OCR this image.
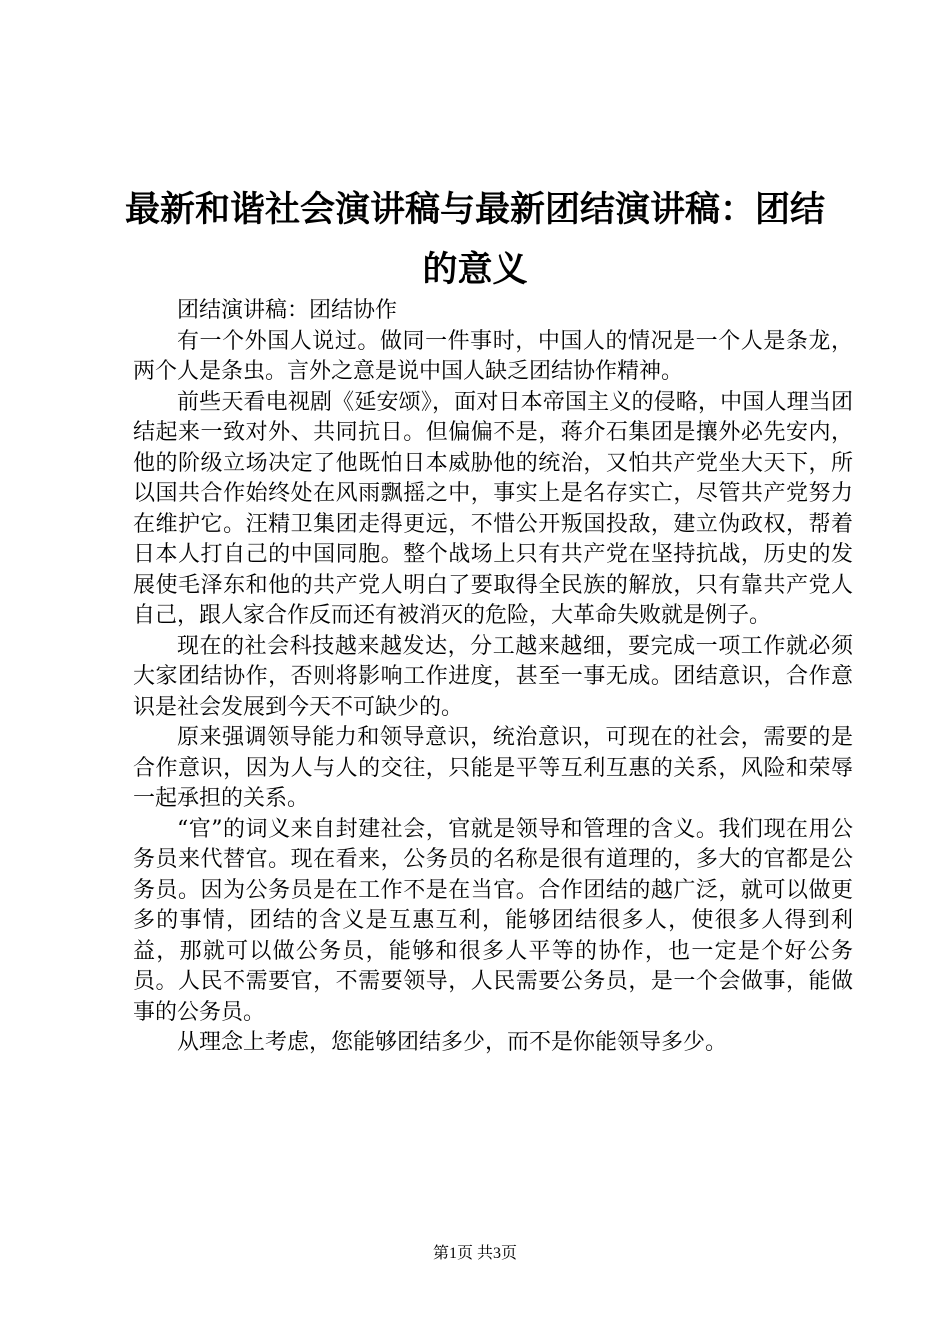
最新和谐社会演讲稿与最新团结演讲稿：团结
的意义

团结演讲稿：团结协作

有一个外国人说过。做同一件事时，中国人的情况是一个人是条龙，两个人是条虫。言外之意是说中国人缺乏团结协作精神。

前些天看电视剧《延安颂》，面对日本帝国主义的侵略，中国人理当团结起来一致对外、共同抗日。但偏偏不是，蒋介石集团是攘外必先安内，他的阶级立场决定了他既怕日本威胁他的统治，又怕共产党坐大天下，所以国共合作始终处在风雨飘摇之中，事实上是名存实亡，尽管共产党努力在维护它。汪精卫集团走得更远，不惜公开叛国投敌，建立伪政权，帮着日本人打自己的中国同胞。整个战场上只有共产党在坚持抗战，历史的发展使毛泽东和他的共产党人明白了要取得全民族的解放，只有靠共产党人自己，跟人家合作反而还有被消灭的危险，大革命失败就是例子。

现在的社会科技越来越发达，分工越来越细，要完成一项工作就必须大家团结协作，否则将影响工作进度，甚至一事无成。团结意识，合作意识是社会发展到今天不可缺少的。

原来强调领导能力和领导意识，统治意识，可现在的社会，需要的是合作意识，因为人与人的交往，只能是平等互利互惠的关系，风险和荣辱一起承担的关系。

“官”的词义来自封建社会，官就是领导和管理的含义。我们现在用公务员来代替官。现在看来，公务员的名称是很有道理的，多大的官都是公务员。因为公务员是在工作不是在当官。合作团结的越广泛，就可以做更多的事情，团结的含义是互惠互利，能够团结很多人，使很多人得到利益，那就可以做公务员，能够和很多人平等的协作，也一定是个好公务员。人民不需要官，不需要领导，人民需要公务员，是一个会做事，能做事的公务员。

从理念上考虑，您能够团结多少，而不是你能领导多少。

第1页 共3页
